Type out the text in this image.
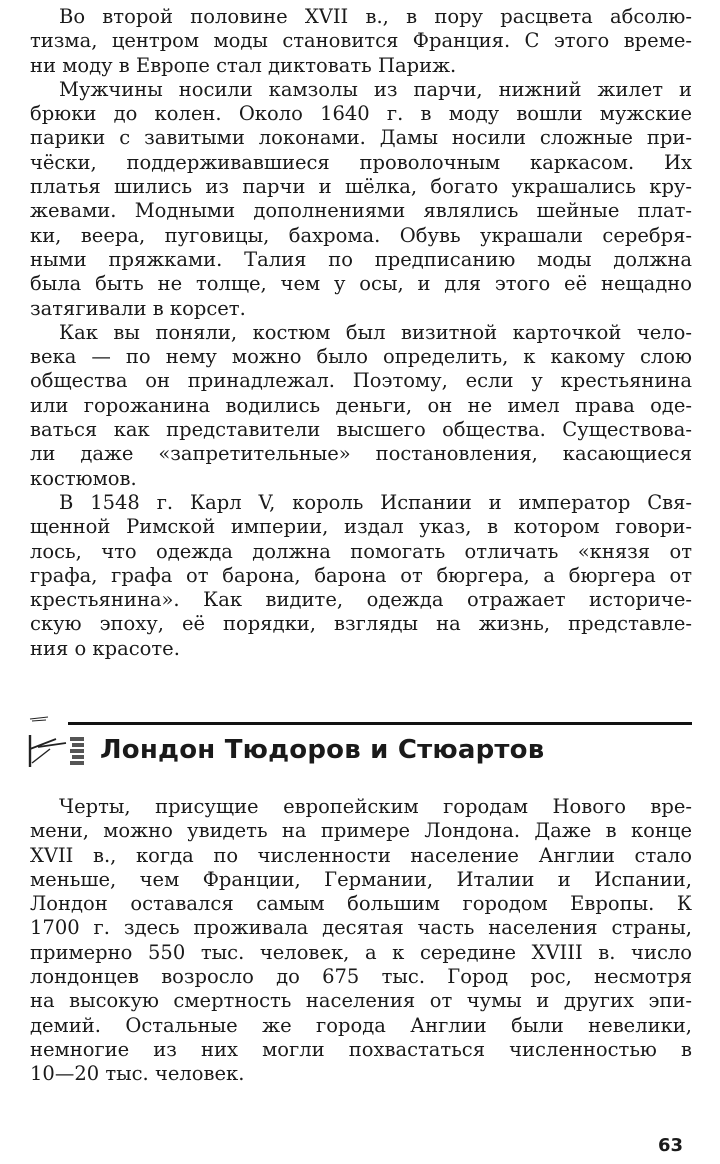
Во второй половине XVII в., в пору расцвета абсолю-
тизма, центром моды становится Франция. С этого време-
ни моду в Европе стал диктовать Париж.

Мужчины носили камзолы из парчи, нижний жилет и
брюки до колен. Около 1640 г. в моду вошли мужские
парики с завитыми локонами. Дамы носили сложные при-
чёски, поддерживавшиеся проволочным каркасом. Их
платья шились из парчи и шёлка, богато украшались кру-
жевами. Модными дополнениями являлись шейные плат-
ки, веера, пуговицы, бахрома. Обувь украшали серебря-
ными пряжками. Талия по предписанию моды должна
была быть не толще, чем у осы, и для этого её нещадно
затягивали в корсет.

Как вы поняли, костюм был визитной карточкой чело-
века — по нему можно было определить, к какому слою
общества он принадлежал. Поэтому, если у крестьянина
или горожанина водились деньги, он не имел права оде-
ваться как представители высшего общества. Существова-
ли даже «запретительные» постановления, касающиеся
костюмов.

В 1548 г. Карл V, король Испании и император Свя-
щенной Римской империи, издал указ, в котором говори-
лось, что одежда должна помогать отличать «князя от
графа, графа от барона, барона от бюргера, а бюргера от
крестьянина». Как видите, одежда отражает историче-
скую эпоху, её порядки, взгляды на жизнь, представле-
ния о красоте.

Лондон Тюдоров и Стюартов

Черты, присущие европейским городам Нового вре-
мени, можно увидеть на примере Лондона. Даже в конце
XVII в., когда по численности население Англии стало
меньше, чем Франции, Германии, Италии и Испании,
Лондон оставался самым большим городом Европы. К
1700 г. здесь проживала десятая часть населения страны,
примерно 550 тыс. человек, а к середине XVIII в. число
лондонцев возросло до 675 тыс. Город рос, несмотря
на высокую смертность населения от чумы и других эпи-
демий. Остальные же города Англии были невелики,
немногие из них могли похвастаться численностью в
10—20 тыс. человек.

63
